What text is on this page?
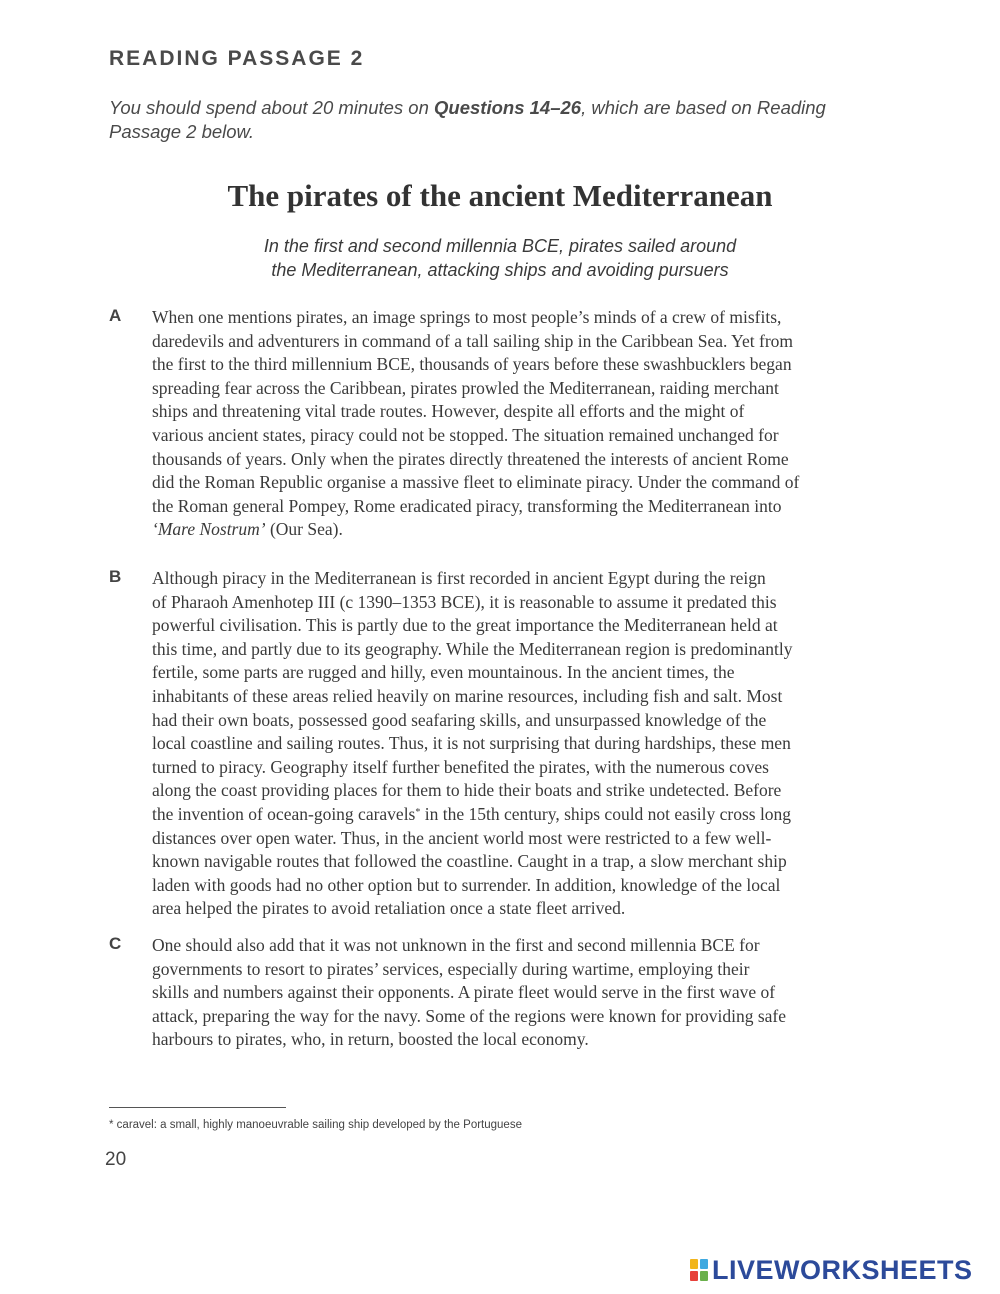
READING PASSAGE 2
You should spend about 20 minutes on Questions 14–26, which are based on Reading
Passage 2 below.
The pirates of the ancient Mediterranean
In the first and second millennia BCE, pirates sailed around
the Mediterranean, attacking ships and avoiding pursuers
A When one mentions pirates, an image springs to most people’s minds of a crew of misfits,
daredevils and adventurers in command of a tall sailing ship in the Caribbean Sea. Yet from
the first to the third millennium BCE, thousands of years before these swashbucklers began
spreading fear across the Caribbean, pirates prowled the Mediterranean, raiding merchant
ships and threatening vital trade routes. However, despite all efforts and the might of
various ancient states, piracy could not be stopped. The situation remained unchanged for
thousands of years. Only when the pirates directly threatened the interests of ancient Rome
did the Roman Republic organise a massive fleet to eliminate piracy. Under the command of
the Roman general Pompey, Rome eradicated piracy, transforming the Mediterranean into
‘Mare Nostrum’ (Our Sea).
B Although piracy in the Mediterranean is first recorded in ancient Egypt during the reign
of Pharaoh Amenhotep III (c 1390–1353 BCE), it is reasonable to assume it predated this
powerful civilisation. This is partly due to the great importance the Mediterranean held at
this time, and partly due to its geography. While the Mediterranean region is predominantly
fertile, some parts are rugged and hilly, even mountainous. In the ancient times, the
inhabitants of these areas relied heavily on marine resources, including fish and salt. Most
had their own boats, possessed good seafaring skills, and unsurpassed knowledge of the
local coastline and sailing routes. Thus, it is not surprising that during hardships, these men
turned to piracy. Geography itself further benefited the pirates, with the numerous coves
along the coast providing places for them to hide their boats and strike undetected. Before
the invention of ocean-going caravels* in the 15th century, ships could not easily cross long
distances over open water. Thus, in the ancient world most were restricted to a few well-
known navigable routes that followed the coastline. Caught in a trap, a slow merchant ship
laden with goods had no other option but to surrender. In addition, knowledge of the local
area helped the pirates to avoid retaliation once a state fleet arrived.
C One should also add that it was not unknown in the first and second millennia BCE for
governments to resort to pirates’ services, especially during wartime, employing their
skills and numbers against their opponents. A pirate fleet would serve in the first wave of
attack, preparing the way for the navy. Some of the regions were known for providing safe
harbours to pirates, who, in return, boosted the local economy.
* caravel: a small, highly manoeuvrable sailing ship developed by the Portuguese
20
LIVEWORKSHEETS
